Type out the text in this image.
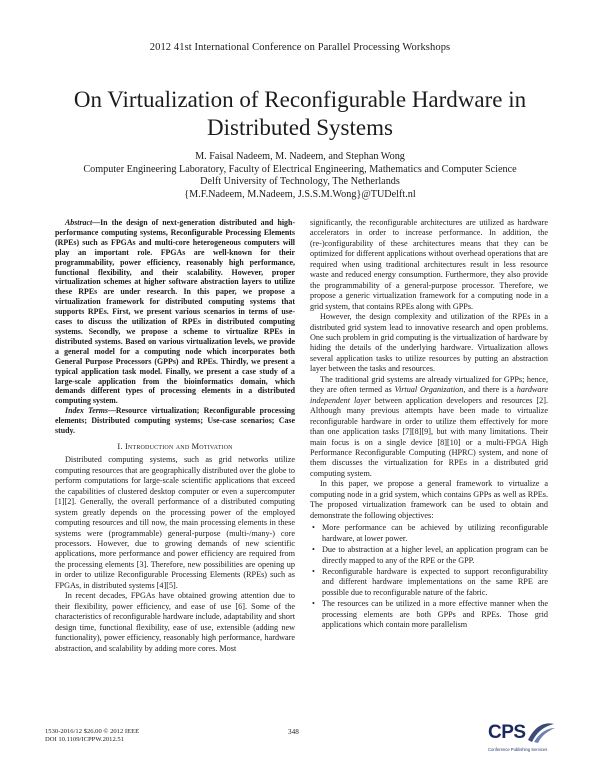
2012 41st International Conference on Parallel Processing Workshops
On Virtualization of Reconfigurable Hardware in
Distributed Systems
M. Faisal Nadeem, M. Nadeem, and Stephan Wong
Computer Engineering Laboratory, Faculty of Electrical Engineering, Mathematics and Computer Science
Delft University of Technology, The Netherlands
{M.F.Nadeem, M.Nadeem, J.S.S.M.Wong}@TUDelft.nl

Abstract—In the design of next-generation distributed and high-performance computing systems, Reconfigurable Processing Elements (RPEs) such as FPGAs and multi-core heterogeneous computers will play an important role. FPGAs are well-known for their programmability, power efficiency, reasonably high performance, functional flexibility, and their scalability. However, proper virtualization schemes at higher software abstraction layers to utilize these RPEs are under research. In this paper, we propose a virtualization framework for distributed computing systems that supports RPEs. First, we present various scenarios in terms of use-cases to discuss the utilization of RPEs in distributed computing systems. Secondly, we propose a scheme to virtualize RPEs in distributed systems. Based on various virtualization levels, we provide a general model for a computing node which incorporates both General Purpose Processors (GPPs) and RPEs. Thirdly, we present a typical application task model. Finally, we present a case study of a large-scale application from the bioinformatics domain, which demands different types of processing elements in a distributed computing system.

Index Terms—Resource virtualization; Reconfigurable processing elements; Distributed computing systems; Use-case scenarios; Case study.
I. Introduction and Motivation

Distributed computing systems, such as grid networks utilize computing resources that are geographically distributed over the globe to perform computations for large-scale scientific applications that exceed the capabilities of clustered desktop computer or even a supercomputer [1][2]. Generally, the overall performance of a distributed computing system greatly depends on the processing power of the employed computing resources and till now, the main processing elements in these systems were (programmable) general-purpose (multi-/many-) core processors. However, due to growing demands of new scientific applications, more performance and power efficiency are required from the processing elements [3]. Therefore, new possibilities are opening up in order to utilize Reconfigurable Processing Elements (RPEs) such as FPGAs, in distributed systems [4][5].

In recent decades, FPGAs have obtained growing attention due to their flexibility, power efficiency, and ease of use [6]. Some of the characteristics of reconfigurable hardware include, adaptability and short design time, functional flexibility, ease of use, extensible (adding new functionality), power efficiency, reasonably high performance, hardware abstraction, and scalability by adding more cores. Most

significantly, the reconfigurable architectures are utilized as hardware accelerators in order to increase performance. In addition, the (re-)configurability of these architectures means that they can be optimized for different applications without overhead operations that are required when using traditional architectures result in less resource waste and reduced energy consumption. Furthermore, they also provide the programmability of a general-purpose processor. Therefore, we propose a generic virtualization framework for a computing node in a grid system, that contains RPEs along with GPPs.

However, the design complexity and utilization of the RPEs in a distributed grid system lead to innovative research and open problems. One such problem in grid computing is the virtualization of hardware by hiding the details of the underlying hardware. Virtualization allows several application tasks to utilize resources by putting an abstraction layer between the tasks and resources.

The traditional grid systems are already virtualized for GPPs; hence, they are often termed as Virtual Organization, and there is a hardware independent layer between application developers and resources [2]. Although many previous attempts have been made to virtualize reconfigurable hardware in order to utilize them effectively for more than one application tasks [7][8][9], but with many limitations. Their main focus is on a single device [8][10] or a multi-FPGA High Performance Reconfigurable Computing (HPRC) system, and none of them discusses the virtualization for RPEs in a distributed grid computing system.

In this paper, we propose a general framework to virtualize a computing node in a grid system, which contains GPPs as well as RPEs. The proposed virtualization framework can be used to obtain and demonstrate the following objectives:

• More performance can be achieved by utilizing reconfigurable hardware, at lower power.
• Due to abstraction at a higher level, an application program can be directly mapped to any of the RPE or the GPP.
• Reconfigurable hardware is expected to support reconfigurability and different hardware implementations on the same RPE are possible due to reconfigurable nature of the fabric.
• The resources can be utilized in a more effective manner when the processing elements are both GPPs and RPEs. Those grid applications which contain more parallelism
1530-2016/12 $26.00 © 2012 IEEE
DOI 10.1109/ICPPW.2012.51
348	CPS
Conference Publishing Services
